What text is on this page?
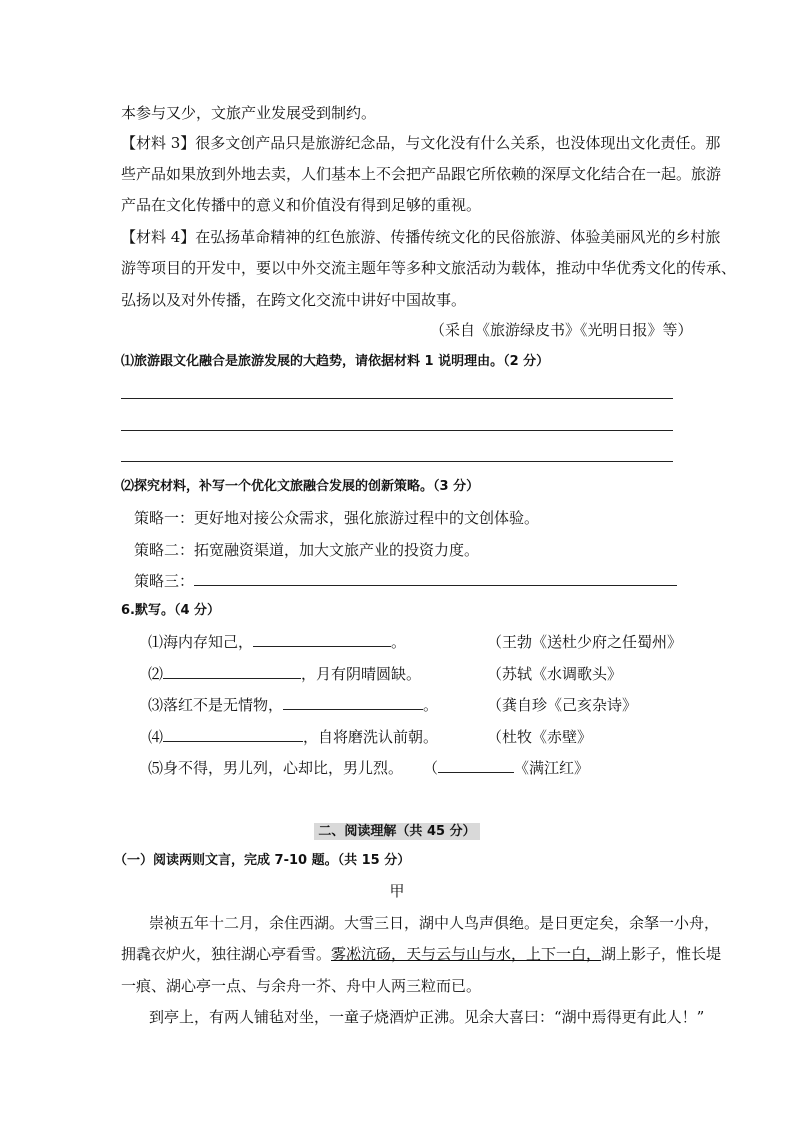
本参与又少，文旅产业发展受到制约。
【材料 3】很多文创产品只是旅游纪念品，与文化没有什么关系，也没体现出文化责任。那
些产品如果放到外地去卖，人们基本上不会把产品跟它所依赖的深厚文化结合在一起。旅游
产品在文化传播中的意义和价值没有得到足够的重视。
【材料 4】在弘扬革命精神的红色旅游、传播传统文化的民俗旅游、体验美丽风光的乡村旅
游等项目的开发中，要以中外交流主题年等多种文旅活动为载体，推动中华优秀文化的传承、
弘扬以及对外传播，在跨文化交流中讲好中国故事。
（采自《旅游绿皮书》《光明日报》等）
⑴旅游跟文化融合是旅游发展的大趋势，请依据材料 1 说明理由。（2 分）
⑵探究材料，补写一个优化文旅融合发展的创新策略。（3 分）
策略一：更好地对接公众需求，强化旅游过程中的文创体验。
策略二：拓宽融资渠道，加大文旅产业的投资力度。
策略三：
6.默写。（4 分）
⑴海内存知己，	。	（王勃《送杜少府之任蜀州》
⑵	，月有阴晴圆缺。	（苏轼《水调歌头》
⑶落红不是无情物，	。	（龚自珍《己亥杂诗》
⑷	，自将磨洗认前朝。	（杜牧《赤壁》
⑸身不得，男儿列，心却比，男儿烈。 （	《满江红》
二、阅读理解（共 45 分）
（一）阅读两则文言，完成 7-10 题。（共 15 分）
甲
崇祯五年十二月，余住西湖。大雪三日，湖中人鸟声俱绝。是日更定矣，余拏一小舟，
拥毳衣炉火，独往湖心亭看雪。雾凇沆砀，天与云与山与水，上下一白，湖上影子，惟长堤
一痕、湖心亭一点、与余舟一芥、舟中人两三粒而已。
到亭上，有两人铺毡对坐，一童子烧酒炉正沸。见余大喜曰：“湖中焉得更有此人！”
